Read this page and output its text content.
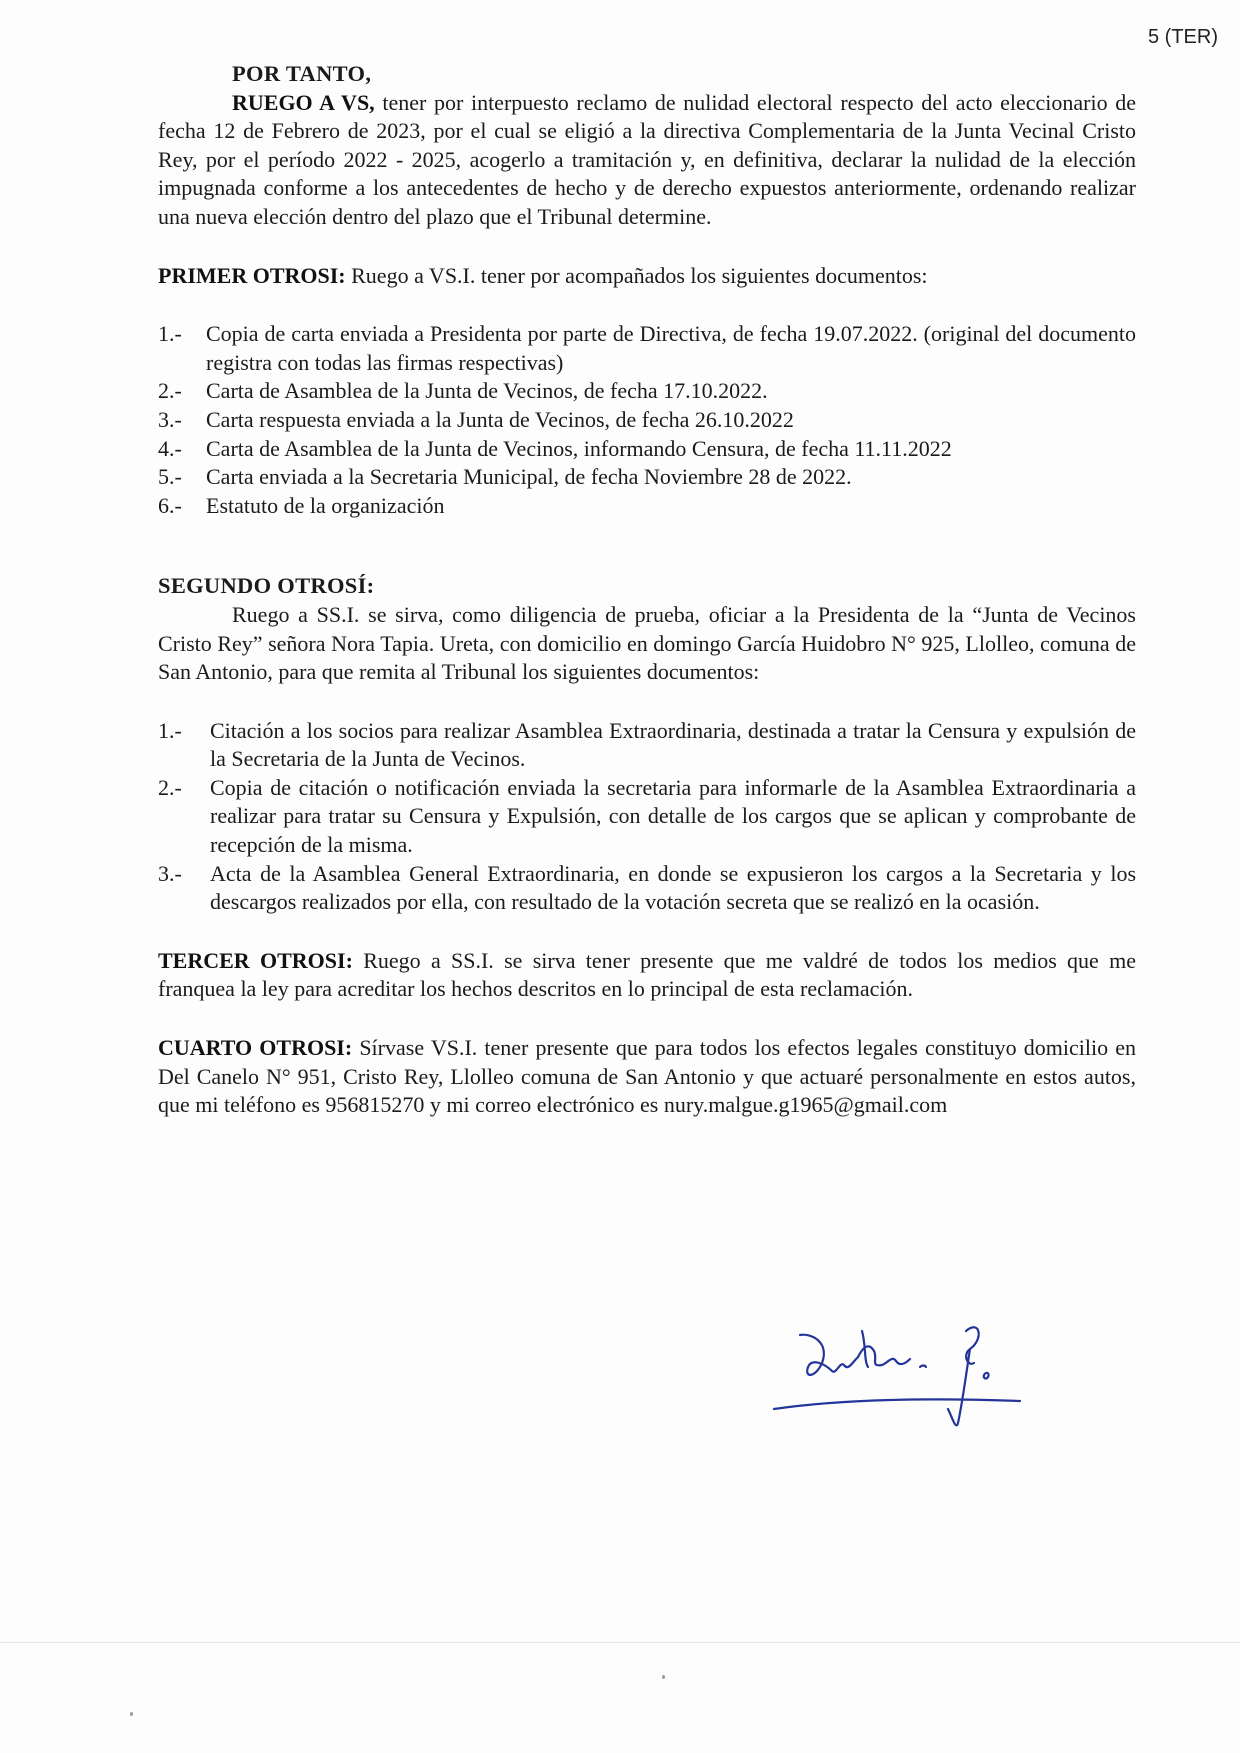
5 (TER)

POR TANTO,

RUEGO A VS, tener por interpuesto reclamo de nulidad electoral respecto del acto eleccionario de fecha 12 de Febrero de 2023, por el cual se eligió a la directiva Complementaria de la Junta Vecinal Cristo Rey, por el período 2022 - 2025, acogerlo a tramitación y, en definitiva, declarar la nulidad de la elección impugnada conforme a los antecedentes de hecho y de derecho expuestos anteriormente, ordenando realizar una nueva elección dentro del plazo que el Tribunal determine.

PRIMER OTROSI: Ruego a VS.I. tener por acompañados los siguientes documentos:

1.- Copia de carta enviada a Presidenta por parte de Directiva, de fecha 19.07.2022. (original del documento registra con todas las firmas respectivas)
2.- Carta de Asamblea de la Junta de Vecinos, de fecha 17.10.2022.
3.- Carta respuesta enviada a la Junta de Vecinos, de fecha 26.10.2022
4.- Carta de Asamblea de la Junta de Vecinos, informando Censura, de fecha 11.11.2022
5.- Carta enviada a la Secretaria Municipal, de fecha Noviembre 28 de 2022.
6.- Estatuto de la organización

SEGUNDO OTROSÍ:

Ruego a SS.I. se sirva, como diligencia de prueba, oficiar a la Presidenta de la “Junta de Vecinos Cristo Rey” señora Nora Tapia. Ureta, con domicilio en domingo García Huidobro N° 925, Llolleo, comuna de San Antonio, para que remita al Tribunal los siguientes documentos:

1.- Citación a los socios para realizar Asamblea Extraordinaria, destinada a tratar la Censura y expulsión de la Secretaria de la Junta de Vecinos.
2.- Copia de citación o notificación enviada la secretaria para informarle de la Asamblea Extraordinaria a realizar para tratar su Censura y Expulsión, con detalle de los cargos que se aplican y comprobante de recepción de la misma.
3.- Acta de la Asamblea General Extraordinaria, en donde se expusieron los cargos a la Secretaria y los descargos realizados por ella, con resultado de la votación secreta que se realizó en la ocasión.

TERCER OTROSI: Ruego a SS.I. se sirva tener presente que me valdré de todos los medios que me franquea la ley para acreditar los hechos descritos en lo principal de esta reclamación.

CUARTO OTROSI: Sírvase VS.I. tener presente que para todos los efectos legales constituyo domicilio en Del Canelo N° 951, Cristo Rey, Llolleo comuna de San Antonio y que actuaré personalmente en estos autos, que mi teléfono es 956815270 y mi correo electrónico es nury.malgue.g1965@gmail.com
